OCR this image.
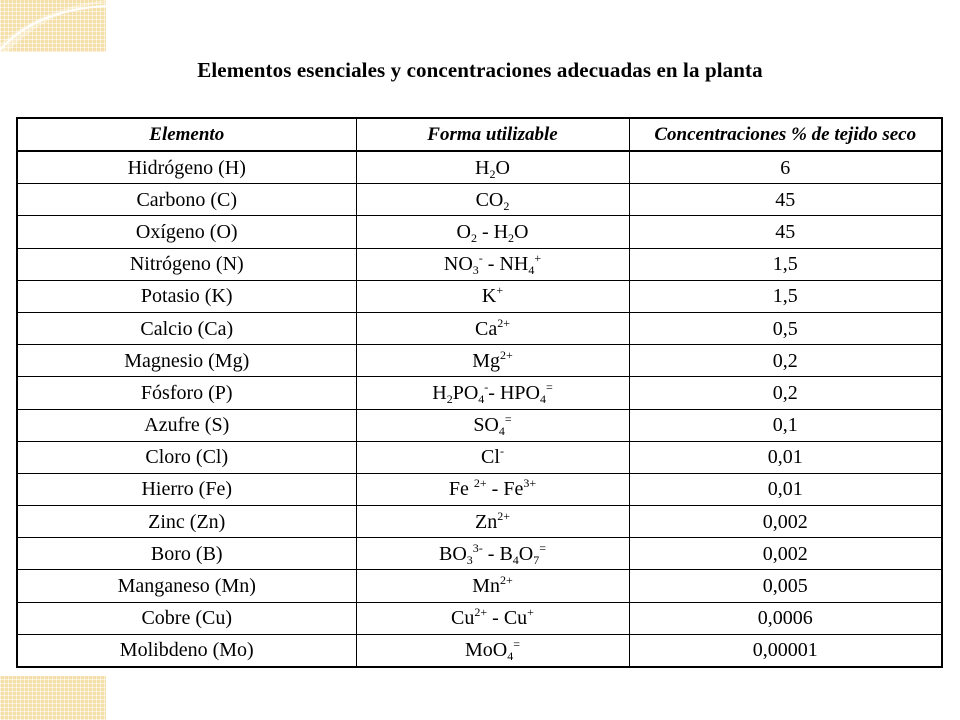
Elementos esenciales y concentraciones adecuadas en la planta
Elemento	Forma utilizable	Concentraciones % de tejido seco
Hidrógeno (H)	$H_2O$	6
Carbono (C)	$CO_2$	45
Oxígeno (O)	$O_2 - H_2O$	45
Nitrógeno (N)	$NO_3^- - NH_4^+$	1,5
Potasio (K)	K+	1,5
Calcio (Ca)	$Ca^{2+}$	0,5
Magnesio (Mg)	$Mg^{2+}$	0,2
Fósforo (P)	$H_2PO_4^--$ $HPO_4^=$	0,2
Azufre (S)	$SO_4^=$	0,1
Cloro (Cl)	Cl-	0,01
Hierro (Fe)	Fe $^{2+} - Fe^{3+}$	0,01
Zinc (Zn)	$Zn^{2+}$	0,002
Boro (B)	$BO_3^{3-} - B_4O_7^=$	0,002
Manganeso (Mn)	$Mn^{2+}$	0,005
Cobre (Cu)	$Cu^{2+} - Cu^+$	0,0006
Molibdeno (Mo)	MoO$_4$=	0,00001
